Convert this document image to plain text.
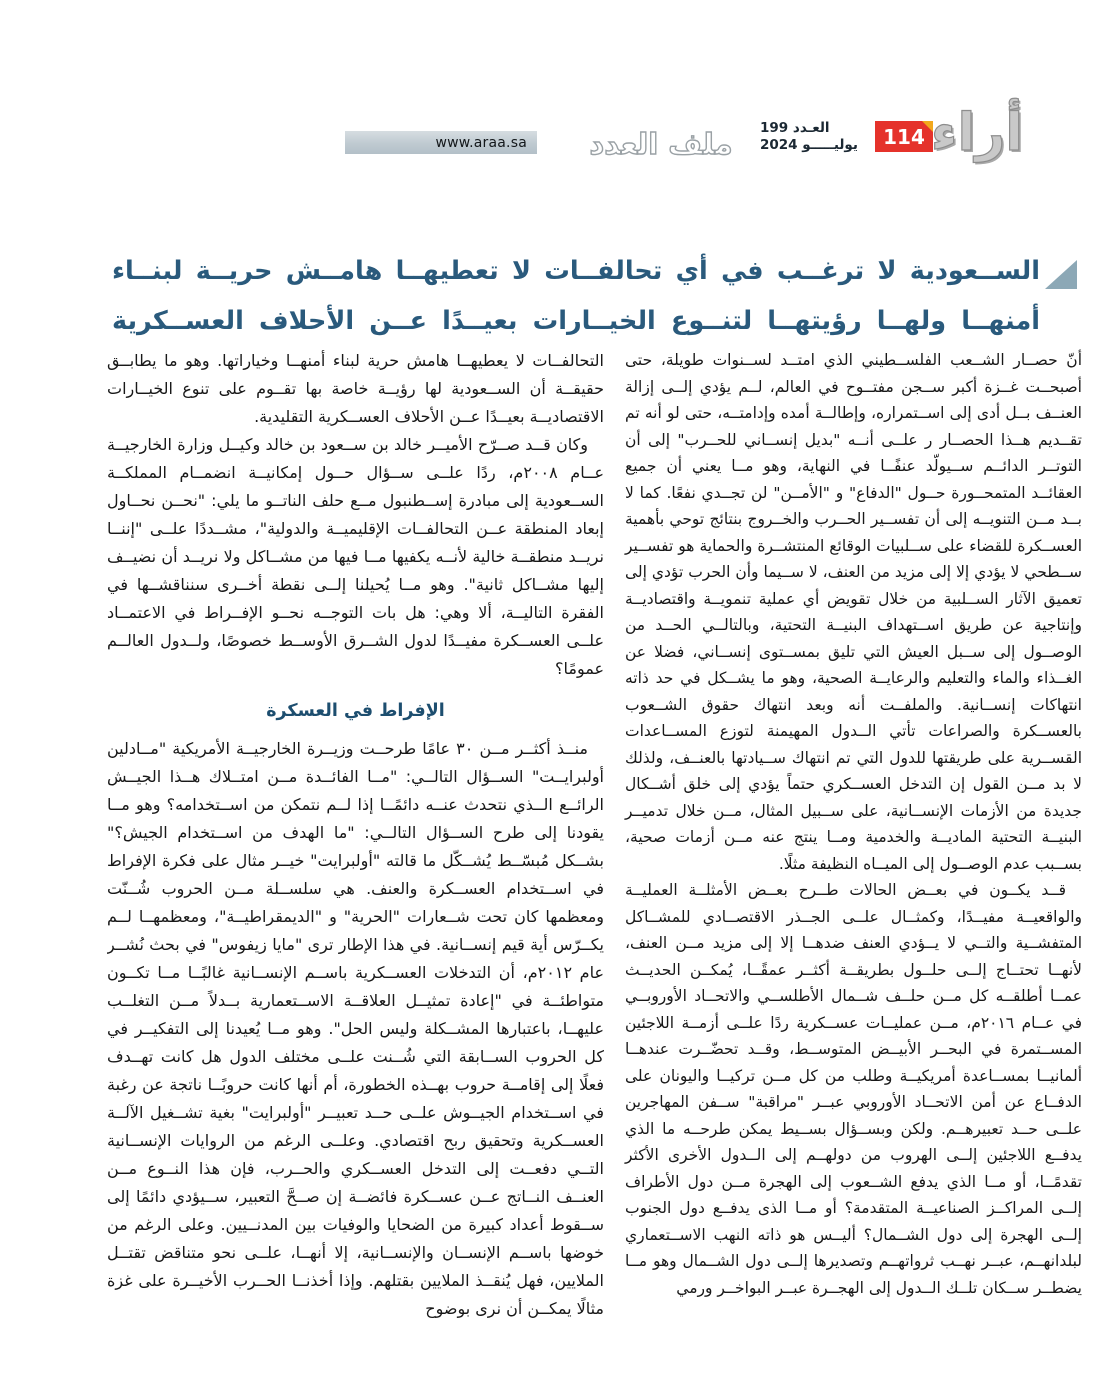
www.araa.sa ملف العدد العـدد 199
يوليـــــو 2024	114 أراء
الســعودية لا ترغــب في أي تحالفــات لا تعطيهــا هامــش حريــة لبنــاء
أمنهــا ولهــا رؤيتهــا لتنــوع الخيــارات بعيــدًا عــن الأحلاف العســكرية

التحالفــات لا يعطيهــا هامش حرية لبناء أمنهــا وخياراتها. وهو ما يطابــق حقيقــة أن الســعودية لها رؤيــة خاصة بها تقــوم على تنوع الخيــارات الاقتصاديــة بعيــدًا عــن الأحلاف العســكرية التقليدية.

وكان قــد صــرّح الأميــر خالد بن ســعود بن خالد وكيــل وزارة الخارجيــة عــام ٢٠٠٨م، ردًا علــى ســؤال حــول إمكانيــة انضمــام المملكــة الســعودية إلى مبادرة إســطنبول مــع حلف الناتــو ما يلي: "نحــن نحــاول إبعاد المنطقة عــن التحالفــات الإقليميــة والدولية"، مشــددًا علــى "إننــا نريــد منطقــة خالية لأنــه يكفيها مــا فيها من مشــاكل ولا نريــد أن نضيــف إليها مشــاكل ثانية". وهو مــا يُحيلنا إلــى نقطة أخــرى سنناقشــها في الفقرة التاليــة، ألا وهي: هل بات التوجــه نحــو الإفــراط في الاعتمــاد علــى العســكرة مفيــدًا لدول الشــرق الأوســط خصوصًا، ولــدول العالــم عمومًا؟

الإفراط في العسكرة

منــذ أكثــر مــن ٣٠ عامًا طرحــت وزيــرة الخارجيــة الأمريكية "مــادلين أولبرايــت" الســؤال التالــي: "مــا الفائــدة مــن امتــلاك هــذا الجيــش الرائــع الــذي نتحدث عنــه دائمًــا إذا لــم نتمكن من اســتخدامه؟ وهو مــا يقودنا إلى طرح الســؤال التالــي: "ما الهدف من اســتخدام الجيش؟" بشــكل مُبسّــط يُشــكّل ما قالته "أولبرايت" خيــر مثال على فكرة الإفراط في اســتخدام العســكرة والعنف. هي سلســلة مــن الحروب شُــنّت ومعظمها كان تحت شــعارات "الحرية" و "الديمقراطيــة"، ومعظمهــا لــم يكــرّس أية قيم إنســانية. في هذا الإطار ترى "مايا زيفوس" في بحث نُشــر عام ٢٠١٢م، أن التدخلات العســكرية باســم الإنســانية غالبًــا مــا تكــون متواطئــة في "إعادة تمثيــل العلاقــة الاســتعمارية بــدلاً مــن التغلــب عليهــا، باعتبارها المشــكلة وليس الحل". وهو مــا يُعيدنا إلى التفكيــر في كل الحروب الســابقة التي شُــنت علــى مختلف الدول هل كانت تهــدف فعلًا إلى إقامــة حروب بهــذه الخطورة، أم أنها كانت حروبًــا ناتجة عن رغبة في اســتخدام الجيــوش علــى حــد تعبيــر "أولبرايت" بغية تشــغيل الآلــة العســكرية وتحقيق ربح اقتصادي. وعلــى الرغم من الروايات الإنســانية التــي دفعــت إلى التدخل العســكري والحــرب، فإن هذا النــوع مــن العنــف النــاتج عــن عســكرة فائضــة إن صــحَّ التعبير، ســيؤدي دائمًا إلى ســقوط أعداد كبيرة من الضحايا والوفيات بين المدنــيين. وعلى الرغم من خوضها باســم الإنســان والإنســانية، إلا أنهــا، علــى نحو متناقض تقتــل الملايين، فهل يُنقــذ الملايين بقتلهم. وإذا أخذنــا الحــرب الأخيــرة على غزة مثالًا يمكــن أن نرى بوضوح

أنّ حصــار الشــعب الفلســطيني الذي امتــد لســنوات طويلة، حتى أصبحــت غــزة أكبر ســجن مفتــوح في العالم، لــم يؤدي إلــى إزالة العنــف بــل أدى إلى اســتمراره، وإطالــة أمده وإدامتــه، حتى لو أنه تم تقــديم هــذا الحصــار ر علــى أنــه "بديل إنســاني للحــرب" إلى أن التوتــر الدائــم ســيولّد عنفًــا في النهاية، وهو مــا يعني أن جميع العقائــد المتمحــورة حــول "الدفاع" و "الأمــن" لن تجــدي نفعًا. كما لا بــد مــن التنويــه إلى أن تفســير الحــرب والخــروج بنتائج توحي بأهمية العســكرة للقضاء على ســلبيات الوقائع المنتشــرة والحماية هو تفســير ســطحي لا يؤدي إلا إلى مزيد من العنف، لا ســيما وأن الحرب تؤدي إلى تعميق الآثار الســلبية من خلال تقويض أي عملية تنمويــة واقتصاديــة وإنتاجية عن طريق اســتهداف البنيــة التحتية، وبالتالــي الحــد من الوصــول إلى ســبل العيش التي تليق بمســتوى إنســاني، فضلا عن الغــذاء والماء والتعليم والرعايــة الصحية، وهو ما يشــكل في حد ذاته انتهاكات إنســانية. والملفــت أنه وبعد انتهاك حقوق الشــعوب بالعســكرة والصراعات تأتي الــدول المهيمنة لتوزع المســاعدات القســرية على طريقتها للدول التي تم انتهاك ســيادتها بالعنــف، ولذلك لا بد مــن القول إن التدخل العســكري حتماً يؤدي إلى خلق أشــكال جديدة من الأزمات الإنســانية، على ســبيل المثال، مــن خلال تدميــر البنيــة التحتية الماديــة والخدمية ومــا ينتج عنه مــن أزمات صحية، بســبب عدم الوصــول إلى الميــاه النظيفة مثلًا.

قــد يكــون في بعــض الحالات طــرح بعــض الأمثلــة العمليــة والواقعيــة مفيــدًا، وكمثــال علــى الجــذر الاقتصــادي للمشــاكل المتفشــية والتــي لا يــؤدي العنف ضدهــا إلا إلى مزيد مــن العنف، لأنهــا تحتــاج إلــى حلــول بطريقــة أكثــر عمقًــا، يُمكــن الحديــث عمــا أطلقــه كل مــن حلــف شــمال الأطلســي والاتحــاد الأوروبــي في عــام ٢٠١٦م، مــن عمليــات عســكرية ردًا علــى أزمــة اللاجئين المســتمرة في البحــر الأبيــض المتوســط، وقــد تحضّــرت عندهــا ألمانيــا بمســاعدة أمريكيــة وطلب من كل مــن تركيــا واليونان على الدفــاع عن أمن الاتحــاد الأوروبي عبــر "مراقبة" ســفن المهاجرين علــى حــد تعبيرهــم. ولكن وبســؤال بســيط يمكن طرحــه ما الذي يدفــع اللاجئين إلــى الهروب من دولهــم إلى الــدول الأخرى الأكثر تقدمًــا، أو مــا الذي يدفع الشــعوب إلى الهجرة مــن دول الأطراف إلــى المراكــز الصناعيــة المتقدمة؟ أو مــا الذى يدفــع دول الجنوب إلــى الهجرة إلى دول الشــمال؟ أليــس هو ذاته النهب الاســتعماري لبلدانهــم، عبــر نهــب ثرواتهــم وتصديرها إلــى دول الشــمال وهو مــا يضطــر ســكان تلــك الــدول إلى الهجــرة عبــر البواخــر ورمي
